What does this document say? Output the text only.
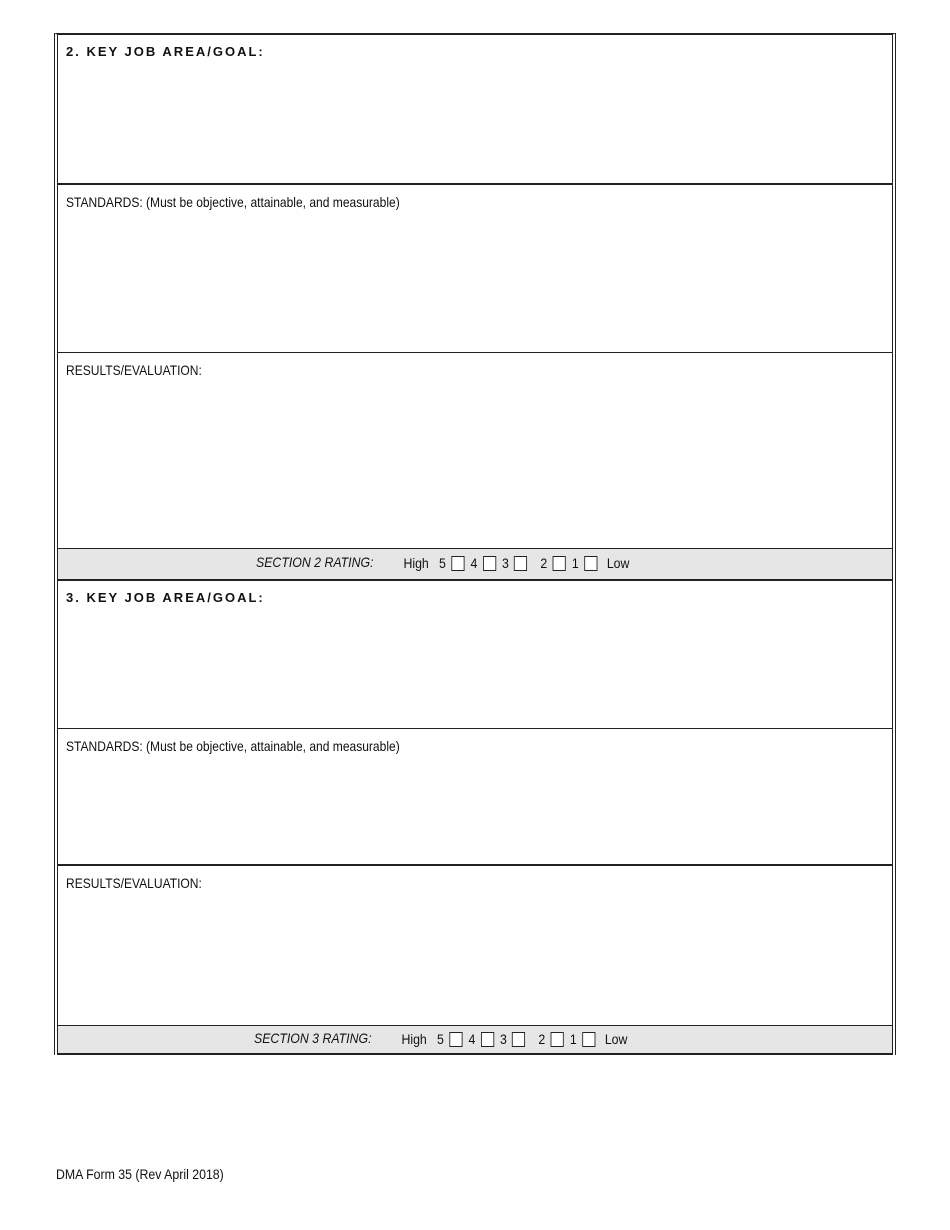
2. KEY JOB AREA/GOAL:
STANDARDS: (Must be objective, attainable, and measurable)
RESULTS/EVALUATION:
SECTION 2 RATING: High 5 4 3 2 1 Low
3. KEY JOB AREA/GOAL:
STANDARDS: (Must be objective, attainable, and measurable)
RESULTS/EVALUATION:
SECTION 3 RATING: High 5 4 3 2 1 Low
DMA Form 35 (Rev April 2018)
